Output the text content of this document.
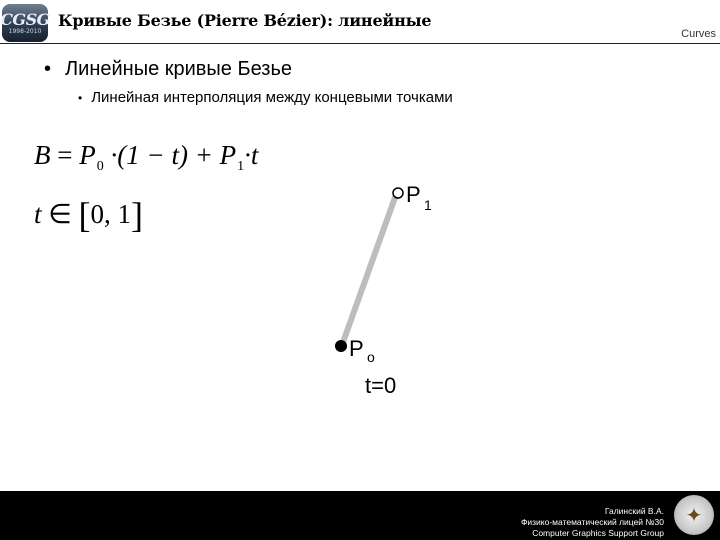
CGSG
1998-2010
Кривые Безье (Pierre Bézier): линейные
Curves
• Линейные кривые Безье
• Линейная интерполяция между концевыми точками
$B = P_0 \cdot(1 - t) + P_1\cdot t$
t ∈ [0, 1]
P 1
P o
t=0
Галинский В.А.
Физико-математический лицей №30
Computer Graphics Support Group
✦
